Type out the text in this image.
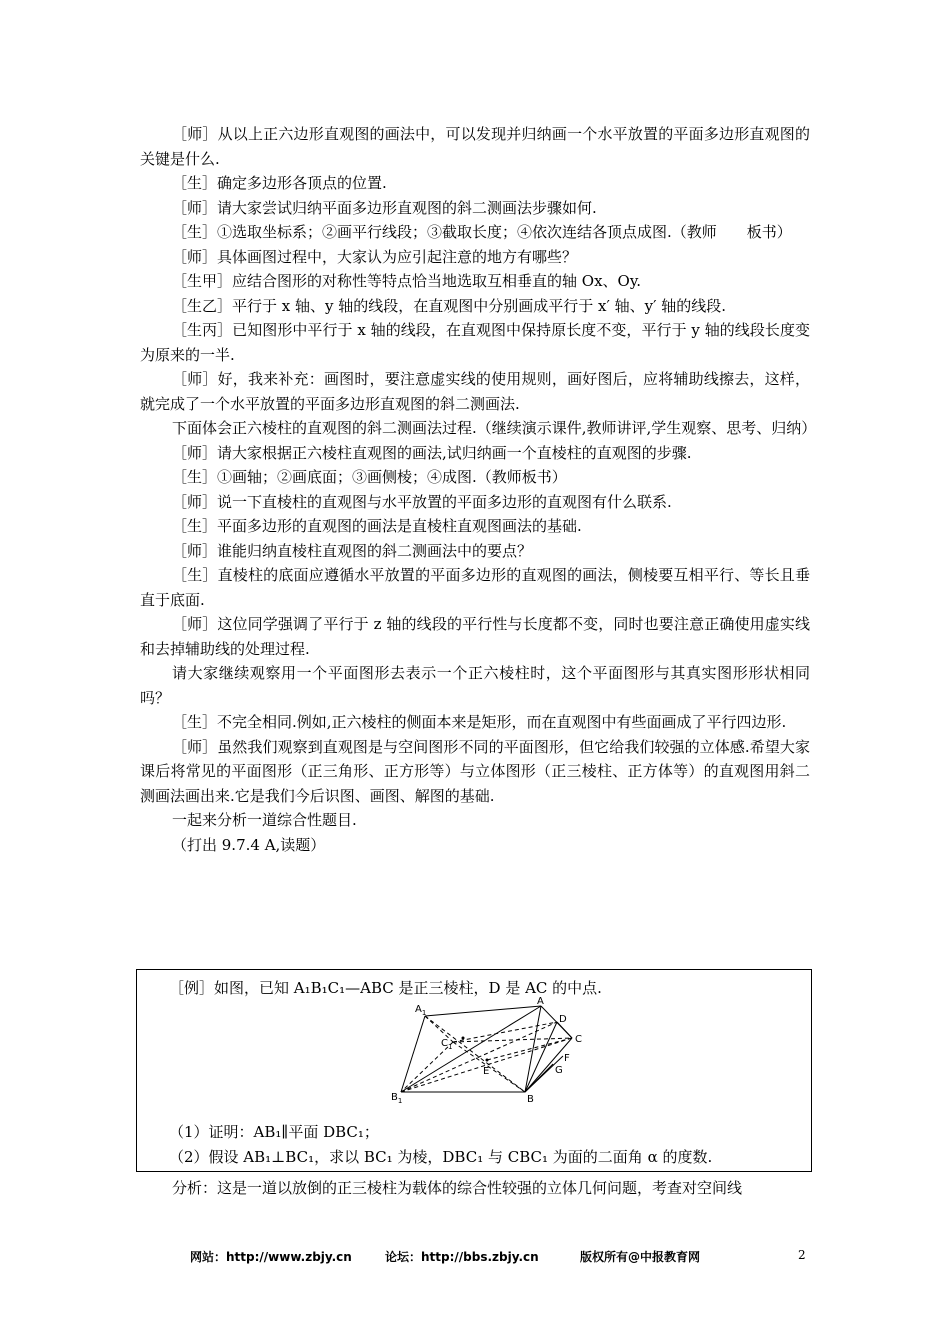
［师］从以上正六边形直观图的画法中，可以发现并归纳画一个水平放置的平面多边形直观图的关键是什么.

［生］确定多边形各顶点的位置.

［师］请大家尝试归纳平面多边形直观图的斜二测画法步骤如何.

［生］①选取坐标系；②画平行线段；③截取长度；④依次连结各顶点成图.（教师　　板书）

［师］具体画图过程中，大家认为应引起注意的地方有哪些？

［生甲］应结合图形的对称性等特点恰当地选取互相垂直的轴 Ox、Oy.

［生乙］平行于 x 轴、y 轴的线段，在直观图中分别画成平行于 x′ 轴、y′ 轴的线段.

［生丙］已知图形中平行于 x 轴的线段，在直观图中保持原长度不变，平行于 y 轴的线段长度变为原来的一半.

［师］好，我来补充：画图时，要注意虚实线的使用规则，画好图后，应将辅助线擦去，这样，就完成了一个水平放置的平面多边形直观图的斜二测画法.

下面体会正六棱柱的直观图的斜二测画法过程.（继续演示课件,教师讲评,学生观察、思考、归纳）

［师］请大家根据正六棱柱直观图的画法,试归纳画一个直棱柱的直观图的步骤.

［生］①画轴；②画底面；③画侧棱；④成图.（教师板书）

［师］说一下直棱柱的直观图与水平放置的平面多边形的直观图有什么联系.

［生］平面多边形的直观图的画法是直棱柱直观图画法的基础.

［师］谁能归纳直棱柱直观图的斜二测画法中的要点？

［生］直棱柱的底面应遵循水平放置的平面多边形的直观图的画法，侧棱要互相平行、等长且垂直于底面.

［师］这位同学强调了平行于 z 轴的线段的平行性与长度都不变，同时也要注意正确使用虚实线和去掉辅助线的处理过程.

请大家继续观察用一个平面图形去表示一个正六棱柱时，这个平面图形与其真实图形形状相同吗？

［生］不完全相同.例如,正六棱柱的侧面本来是矩形，而在直观图中有些面画成了平行四边形.

［师］虽然我们观察到直观图是与空间图形不同的平面图形，但它给我们较强的立体感.希望大家课后将常见的平面图形（正三角形、正方形等）与立体图形（正三棱柱、正方体等）的直观图用斜二测画法画出来.它是我们今后识图、画图、解图的基础.

一起来分析一道综合性题目.

（打出 9.7.4 A,读题）

［例］如图，已知 A₁B₁C₁—ABC 是正三棱柱，D 是 AC 的中点.

$A_1$
$B_1$
$C_1$
A
B
C
D
E
F
G

（1）证明：AB₁∥平面 DBC₁；

（2）假设 AB₁⊥BC₁，求以 BC₁ 为棱，DBC₁ 与 CBC₁ 为面的二面角 α 的度数.

分析：这是一道以放倒的正三棱柱为载体的综合性较强的立体几何问题，考查对空间线

网站：http://www.zbjy.cn	论坛：http://bbs.zbjy.cn	版权所有@中报教育网	2
